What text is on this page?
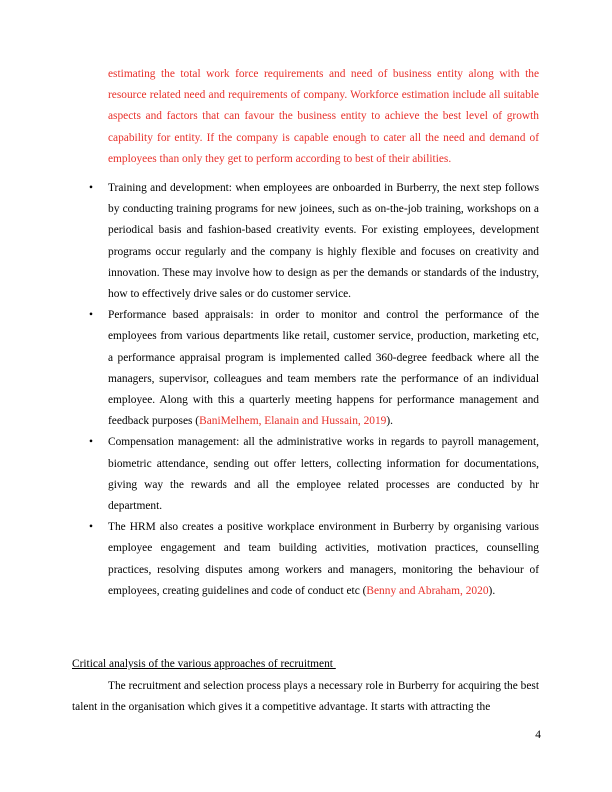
estimating the total work force requirements and need of business entity along with the resource related need and requirements of company. Workforce estimation include all suitable aspects and factors that can favour the business entity to achieve the best level of growth capability for entity. If the company is capable enough to cater all the need and demand of employees than only they get to perform according to best of their abilities.

•	Training and development: when employees are onboarded in Burberry, the next step follows by conducting training programs for new joinees, such as on-the-job training, workshops on a periodical basis and fashion-based creativity events. For existing employees, development programs occur regularly and the company is highly flexible and focuses on creativity and innovation. These may involve how to design as per the demands or standards of the industry, how to effectively drive sales or do customer service.
•	Performance based appraisals: in order to monitor and control the performance of the employees from various departments like retail, customer service, production, marketing etc, a performance appraisal program is implemented called 360-degree feedback where all the managers, supervisor, colleagues and team members rate the performance of an individual employee. Along with this a quarterly meeting happens for performance management and feedback purposes (BaniMelhem, Elanain and Hussain, 2019).
•	Compensation management: all the administrative works in regards to payroll management, biometric attendance, sending out offer letters, collecting information for documentations, giving way the rewards and all the employee related processes are conducted by hr department.
•	The HRM also creates a positive workplace environment in Burberry by organising various employee engagement and team building activities, motivation practices, counselling practices, resolving disputes among workers and managers, monitoring the behaviour of employees, creating guidelines and code of conduct etc (Benny and Abraham, 2020).

Critical analysis of the various approaches of recruitment

The recruitment and selection process plays a necessary role in Burberry for acquiring the best talent in the organisation which gives it a competitive advantage. It starts with attracting the

4
